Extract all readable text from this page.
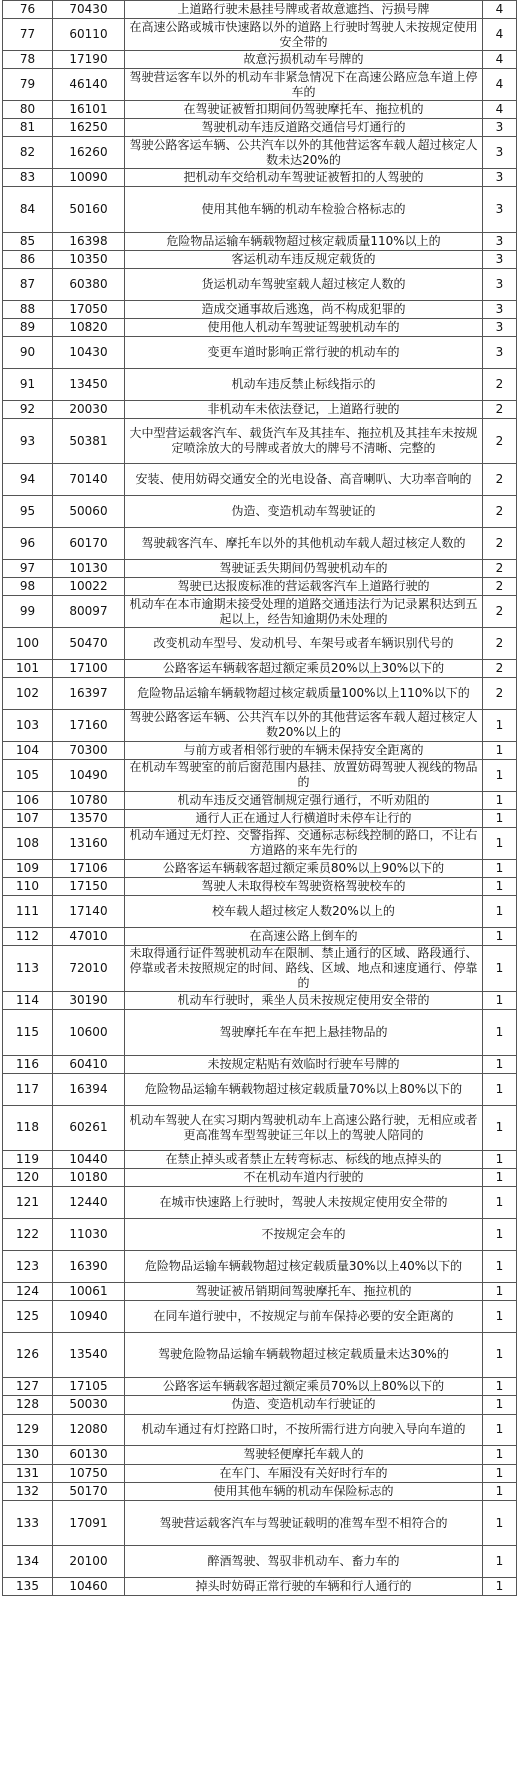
76	70430	上道路行驶未悬挂号牌或者故意遮挡、污损号牌	4
77	60110	在高速公路或城市快速路以外的道路上行驶时驾驶人未按规定使用安全带的	4
78	17190	故意污损机动车号牌的	4
79	46140	驾驶营运客车以外的机动车非紧急情况下在高速公路应急车道上停车的	4
80	16101	在驾驶证被暂扣期间仍驾驶摩托车、拖拉机的	4
81	16250	驾驶机动车违反道路交通信号灯通行的	3
82	16260	驾驶公路客运车辆、公共汽车以外的其他营运客车载人超过核定人数未达20%的	3
83	10090	把机动车交给机动车驾驶证被暂扣的人驾驶的	3
84	50160	使用其他车辆的机动车检验合格标志的	3
85	16398	危险物品运输车辆载物超过核定载质量110%以上的	3
86	10350	客运机动车违反规定载货的	3
87	60380	货运机动车驾驶室载人超过核定人数的	3
88	17050	造成交通事故后逃逸，尚不构成犯罪的	3
89	10820	使用他人机动车驾驶证驾驶机动车的	3
90	10430	变更车道时影响正常行驶的机动车的	3
91	13450	机动车违反禁止标线指示的	2
92	20030	非机动车未依法登记，上道路行驶的	2
93	50381	大中型营运载客汽车、载货汽车及其挂车、拖拉机及其挂车未按规定喷涂放大的号牌或者放大的牌号不清晰、完整的	2
94	70140	安装、使用妨碍交通安全的光电设备、高音喇叭、大功率音响的	2
95	50060	伪造、变造机动车驾驶证的	2
96	60170	驾驶载客汽车、摩托车以外的其他机动车载人超过核定人数的	2
97	10130	驾驶证丢失期间仍驾驶机动车的	2
98	10022	驾驶已达报废标准的营运载客汽车上道路行驶的	2
99	80097	机动车在本市逾期未接受处理的道路交通违法行为记录累积达到五起以上，经告知逾期仍未处理的	2
100	50470	改变机动车型号、发动机号、车架号或者车辆识别代号的	2
101	17100	公路客运车辆载客超过额定乘员20%以上30%以下的	2
102	16397	危险物品运输车辆载物超过核定载质量100%以上110%以下的	2
103	17160	驾驶公路客运车辆、公共汽车以外的其他营运客车载人超过核定人数20%以上的	1
104	70300	与前方或者相邻行驶的车辆未保持安全距离的	1
105	10490	在机动车驾驶室的前后窗范围内悬挂、放置妨碍驾驶人视线的物品的	1
106	10780	机动车违反交通管制规定强行通行，不听劝阻的	1
107	13570	通行人正在通过人行横道时未停车让行的	1
108	13160	机动车通过无灯控、交警指挥、交通标志标线控制的路口，不让右方道路的来车先行的	1
109	17106	公路客运车辆载客超过额定乘员80%以上90%以下的	1
110	17150	驾驶人未取得校车驾驶资格驾驶校车的	1
111	17140	校车载人超过核定人数20%以上的	1
112	47010	在高速公路上倒车的	1
113	72010	未取得通行证件驾驶机动车在限制、禁止通行的区域、路段通行、停靠或者未按照规定的时间、路线、区域、地点和速度通行、停靠的	1
114	30190	机动车行驶时，乘坐人员未按规定使用安全带的	1
115	10600	驾驶摩托车在车把上悬挂物品的	1
116	60410	未按规定粘贴有效临时行驶车号牌的	1
117	16394	危险物品运输车辆载物超过核定载质量70%以上80%以下的	1
118	60261	机动车驾驶人在实习期内驾驶机动车上高速公路行驶，无相应或者更高准驾车型驾驶证三年以上的驾驶人陪同的	1
119	10440	在禁止掉头或者禁止左转弯标志、标线的地点掉头的	1
120	10180	不在机动车道内行驶的	1
121	12440	在城市快速路上行驶时，驾驶人未按规定使用安全带的	1
122	11030	不按规定会车的	1
123	16390	危险物品运输车辆载物超过核定载质量30%以上40%以下的	1
124	10061	驾驶证被吊销期间驾驶摩托车、拖拉机的	1
125	10940	在同车道行驶中，不按规定与前车保持必要的安全距离的	1
126	13540	驾驶危险物品运输车辆载物超过核定载质量未达30%的	1
127	17105	公路客运车辆载客超过额定乘员70%以上80%以下的	1
128	50030	伪造、变造机动车行驶证的	1
129	12080	机动车通过有灯控路口时，不按所需行进方向驶入导向车道的	1
130	60130	驾驶轻便摩托车载人的	1
131	10750	在车门、车厢没有关好时行车的	1
132	50170	使用其他车辆的机动车保险标志的	1
133	17091	驾驶营运载客汽车与驾驶证载明的准驾车型不相符合的	1
134	20100	醉酒驾驶、驾驭非机动车、畜力车的	1
135	10460	掉头时妨碍正常行驶的车辆和行人通行的	1
